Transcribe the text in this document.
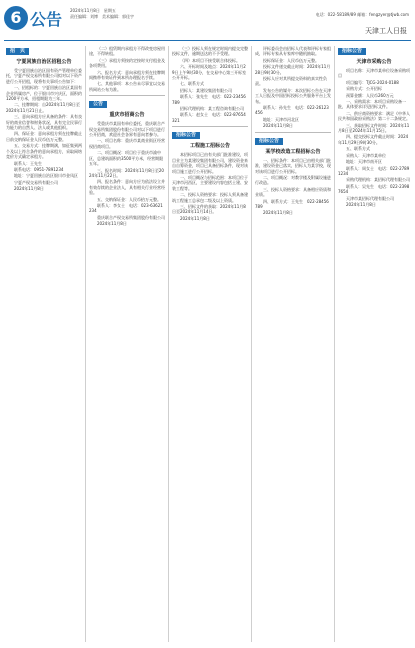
6 公告 2024年11月8日　星期五
责任编辑：刘博　美术编辑：郭佳宇	电话：022-58189/89 邮箱：fengzyer@tjwb.com
天津工人日报
招　贝

宁夏回族自治区招租公告

受宁夏回族自治区国有资产管理单位委托，宁夏产权交易所有限公司拟对以下资产进行公开招租，现将有关事项公告如下：

一、招租标的：宁夏回族自治区某国有企业所属房产，位于银川市兴庆区，面积约1200平方米，招租期限为三年。

二、挂牌期间：自2024年11月8日至2024年11月21日止。

三、意向承租方应具备的条件：具有良好的商业信誉和财务状况，具有完全民事行为能力的自然人、法人或其他组织。

四、保证金：意向承租方须在挂牌截止日前交纳保证金人民币伍万元整。

五、交易方式：挂牌期满，如征集到两个及以上符合条件的意向承租方，采取网络竞价方式确定承租方。

联系人：王先生

联系电话：0951-7891234

地址：宁夏回族自治区银川市金凤区

宁夏产权交易所有限公司

2024年11月8日

（二）租赁期内承租方不得改变房屋用途，不得转租。

（三）承租方须按约定按时支付租金及各项费用。

六、报名方式：意向承租方须在挂牌期间携带有效证件到本所办理报名手续。

七、其他事项：本公告未尽事宜以交易所网站公布为准。

公告

重庆市招商公告

受重庆市某国有单位委托，重庆联合产权交易所集团股份有限公司对以下项目进行公开招商，欢迎社会各界有意向者参与。

一、项目名称：重庆市某商业街区经营权招商项目。

二、项目概况：项目位于重庆市渝中区，总建筑面积约3500平方米，经营期限五年。

三、报名时间：2024年11月8日至2024年11月22日。

四、报名条件：意向方应为依法设立并有效存续的企业法人，具有相关行业经营经验。

五、交纳保证金：人民币拾万元整。

联系人：李女士　电话：023-63621234

重庆联合产权交易所集团股份有限公司

2024年11月8日

（三）投标人须在规定时间内提交完整投标文件，逾期送达的不予受理。

（四）本项目不接受联合体投标。

六、开标时间及地点：2024年11月29日上午9时30分，在交易中心第三开标室公开开标。

七、联系方式

招标人：某建设集团有限公司

联系人：张先生　电话：022-23456789

招标代理机构：某工程咨询有限公司

联系人：赵女士　电话：022-87654321

招标公告

工程施工招标公告

本招标项目已由有关部门批准建设，项目业主为某建设集团有限公司，建设资金来自自筹资金，项目已具备招标条件，现对该项目施工进行公开招标。

一、项目概况与招标范围：本项目位于天津市河西区，主要建设内容包括土建、安装工程等。

二、投标人资格要求：投标人须具备建筑工程施工总承包二级及以上资质。

三、招标文件的获取：2024年11月8日至2024年11月14日。

2024年11月8日

评标委员会由招标人代表和评标专家组成，评标专家从专家库中随机抽取。

投标保证金：人民币伍万元整。

投标文件递交截止时间：2024年11月28日9时30分。

投标人应对其所提交资料的真实性负责。

发布公告的媒介：本次招标公告在天津工人日报及中国招标投标公共服务平台上发布。

联系人：孙先生　电话：022-26123456

地址：天津市河北区

2024年11月8日

招标公告

某学校改造工程招标公告

一、招标条件：本项目已由相关部门批准，建设资金已落实，招标人为某学校，现对该项目进行公开招标。

二、项目概况：对教学楼及附属设施进行改造。

三、投标人资格要求：具备相应资质和业绩。

四、联系方式：王先生　022-28456789

2024年11月8日

招标公告

天津市采购公告

项目名称：天津市某单位设备采购项目

项目编号：TJCG-2024-0188

采购方式：公开招标

预算金额：人民币260万元

一、采购需求：本项目采购设备一批，具体要求详见招标文件。

二、供应商资格要求：满足《中华人民共和国政府采购法》第二十二条规定。

三、获取招标文件时间：2024年11月8日至2024年11月15日。

四、提交投标文件截止时间：2024年11月29日9时30分。

五、联系方式

采购人：天津市某单位

地址：天津市南开区

联系人：周女士　电话：022-27891234

采购代理机构：某招标代理有限公司

联系人：吴先生　电话：022-23987654

天津市某招标代理有限公司

2024年11月8日
